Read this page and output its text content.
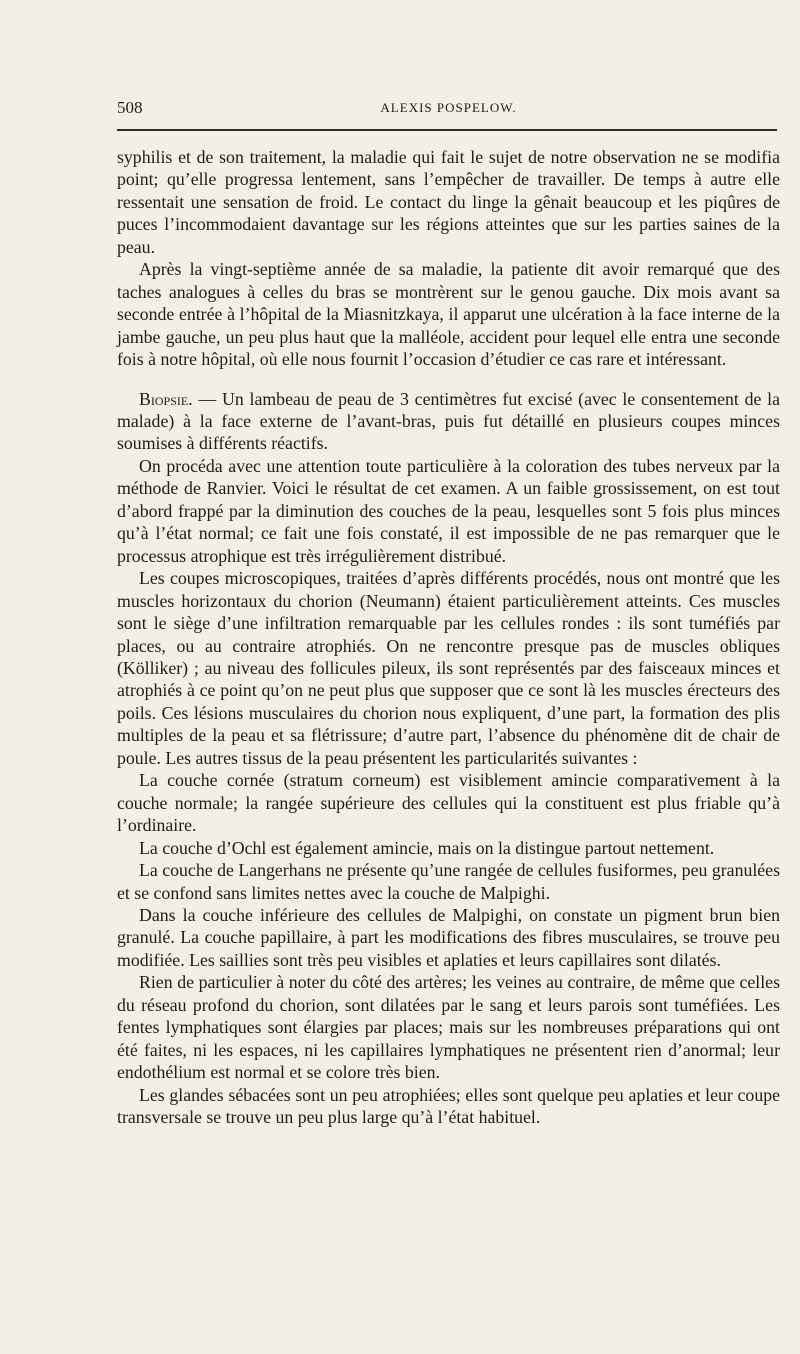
508	ALEXIS POSPELOW.

syphilis et de son traitement, la maladie qui fait le sujet de notre observation ne se modifia point; qu’elle progressa lentement, sans l’empêcher de travailler. De temps à autre elle ressentait une sensation de froid. Le contact du linge la gênait beaucoup et les piqûres de puces l’incommodaient davantage sur les régions atteintes que sur les parties saines de la peau.

Après la vingt-septième année de sa maladie, la patiente dit avoir remarqué que des taches analogues à celles du bras se montrèrent sur le genou gauche. Dix mois avant sa seconde entrée à l’hôpital de la Miasnitzkaya, il apparut une ulcération à la face interne de la jambe gauche, un peu plus haut que la malléole, accident pour lequel elle entra une seconde fois à notre hôpital, où elle nous fournit l’occasion d’étudier ce cas rare et intéressant.

Biopsie. — Un lambeau de peau de 3 centimètres fut excisé (avec le consentement de la malade) à la face externe de l’avant-bras, puis fut détaillé en plusieurs coupes minces soumises à différents réactifs.

On procéda avec une attention toute particulière à la coloration des tubes nerveux par la méthode de Ranvier. Voici le résultat de cet examen. A un faible grossissement, on est tout d’abord frappé par la diminution des couches de la peau, lesquelles sont 5 fois plus minces qu’à l’état normal; ce fait une fois constaté, il est impossible de ne pas remarquer que le processus atrophique est très irrégulièrement distribué.

Les coupes microscopiques, traitées d’après différents procédés, nous ont montré que les muscles horizontaux du chorion (Neumann) étaient particulièrement atteints. Ces muscles sont le siège d’une infiltration remarquable par les cellules rondes : ils sont tuméfiés par places, ou au contraire atrophiés. On ne rencontre presque pas de muscles obliques (Kölliker) ; au niveau des follicules pileux, ils sont représentés par des faisceaux minces et atrophiés à ce point qu’on ne peut plus que supposer que ce sont là les muscles érecteurs des poils. Ces lésions musculaires du chorion nous expliquent, d’une part, la formation des plis multiples de la peau et sa flétrissure; d’autre part, l’absence du phénomène dit de chair de poule. Les autres tissus de la peau présentent les particularités suivantes :

La couche cornée (stratum corneum) est visiblement amincie comparativement à la couche normale; la rangée supérieure des cellules qui la constituent est plus friable qu’à l’ordinaire.

La couche d’Ochl est également amincie, mais on la distingue partout nettement.

La couche de Langerhans ne présente qu’une rangée de cellules fusiformes, peu granulées et se confond sans limites nettes avec la couche de Malpighi.

Dans la couche inférieure des cellules de Malpighi, on constate un pigment brun bien granulé. La couche papillaire, à part les modifications des fibres musculaires, se trouve peu modifiée. Les saillies sont très peu visibles et aplaties et leurs capillaires sont dilatés.

Rien de particulier à noter du côté des artères; les veines au contraire, de même que celles du réseau profond du chorion, sont dilatées par le sang et leurs parois sont tuméfiées. Les fentes lymphatiques sont élargies par places; mais sur les nombreuses préparations qui ont été faites, ni les espaces, ni les capillaires lymphatiques ne présentent rien d’anormal; leur endothélium est normal et se colore très bien.

Les glandes sébacées sont un peu atrophiées; elles sont quelque peu aplaties et leur coupe transversale se trouve un peu plus large qu’à l’état habituel.
